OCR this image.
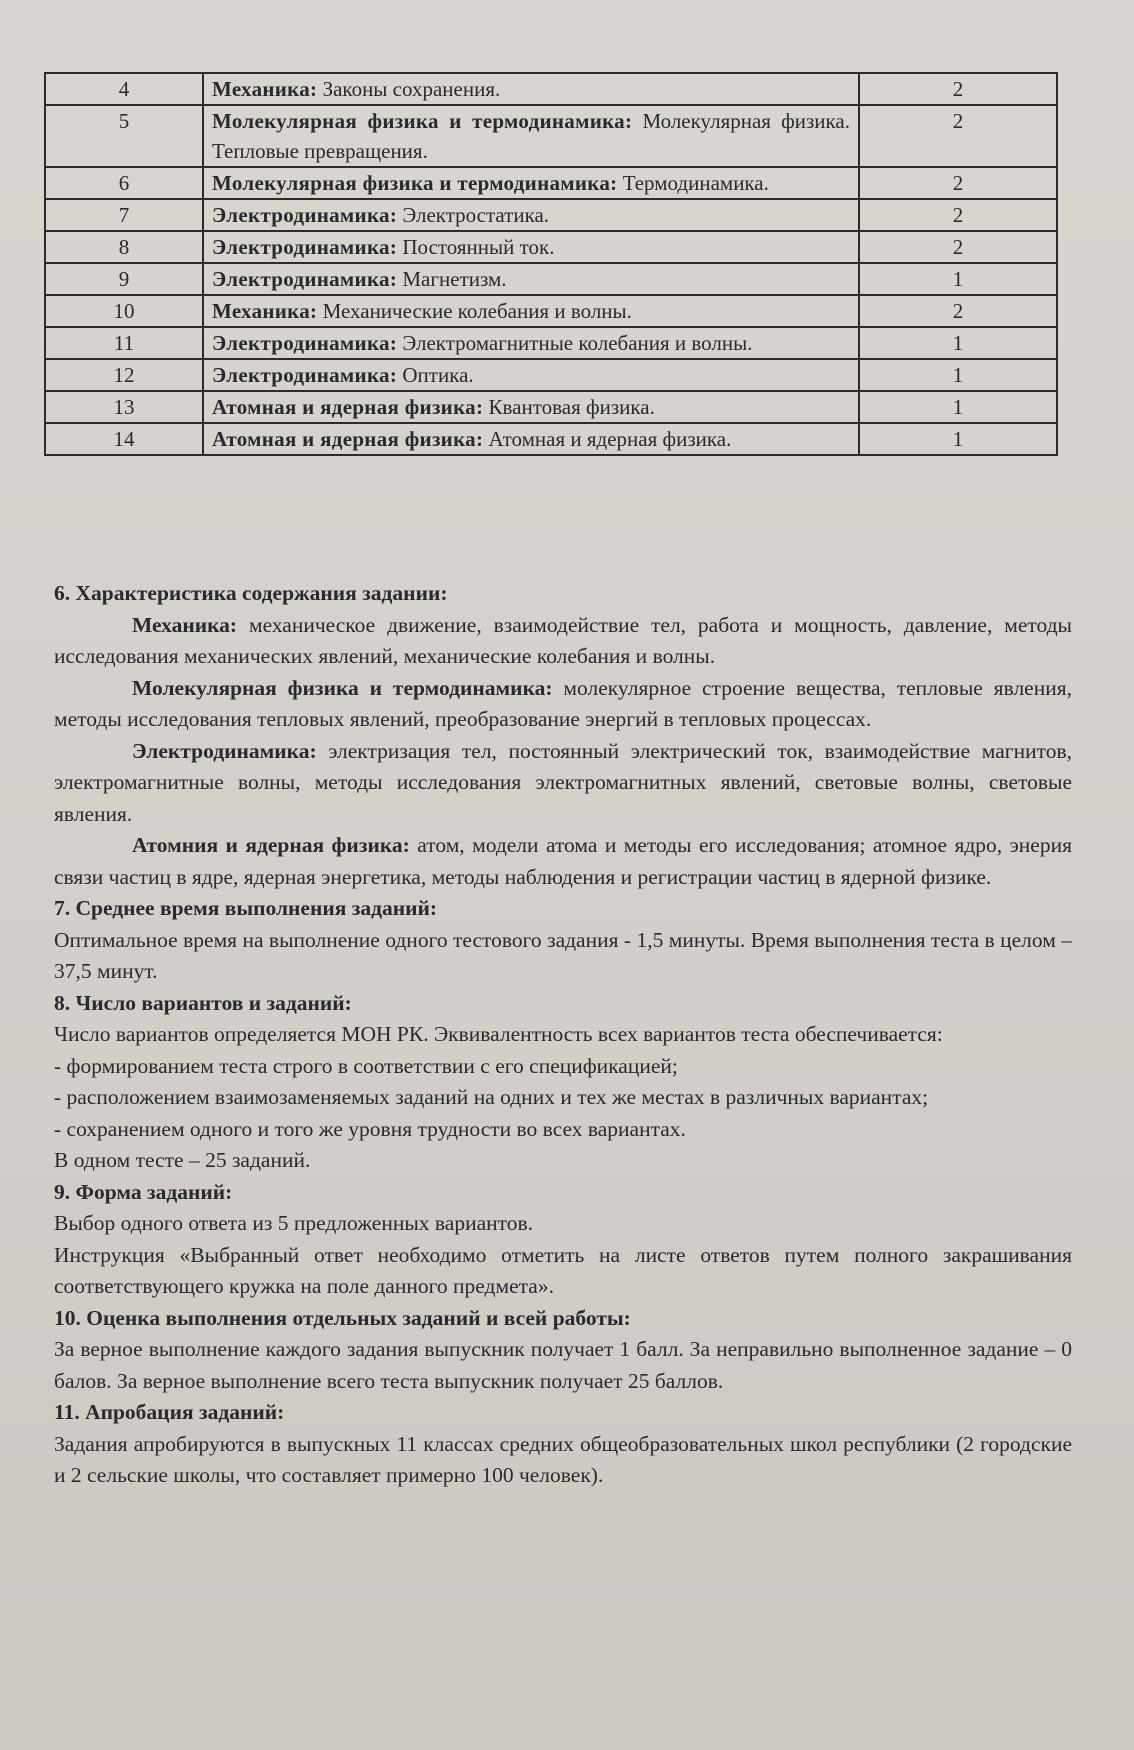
4	Механика: Законы сохранения.	2
5	Молекулярная физика и термодинамика: Молекулярная физика. Тепловые превращения.	2
6	Молекулярная физика и термодинамика: Термодинамика.	2
7	Электродинамика: Электростатика.	2
8	Электродинамика: Постоянный ток.	2
9	Электродинамика: Магнетизм.	1
10	Механика: Механические колебания и волны.	2
11	Электродинамика: Электромагнитные колебания и волны.	1
12	Электродинамика: Оптика.	1
13	Атомная и ядерная физика: Квантовая физика.	1
14	Атомная и ядерная физика: Атомная и ядерная физика.	1

6. Характеристика содержания задании:

Механика: механическое движение, взаимодействие тел, работа и мощность, давление, методы исследования механических явлений, механические колебания и волны.

Молекулярная физика и термодинамика: молекулярное строение вещества, тепловые явления, методы исследования тепловых явлений, преобразование энергий в тепловых процессах.

Электродинамика: электризация тел, постоянный электрический ток, взаимодействие магнитов, электромагнитные волны, методы исследования электромагнитных явлений, световые волны, световые явления.

Атомния и ядерная физика: атом, модели атома и методы его исследования; атомное ядро, энерия связи частиц в ядре, ядерная энергетика, методы наблюдения и регистрации частиц в ядерной физике.

7. Среднее время выполнения заданий:

Оптимальное время на выполнение одного тестового задания - 1,5 минуты. Время выполнения теста в целом – 37,5 минут.

8. Число вариантов и заданий:

Число вариантов определяется МОН РК. Эквивалентность всех вариантов теста обеспечивается:

- формированием теста строго в соответствии с его спецификацией;

- расположением взаимозаменяемых заданий на одних и тех же местах в различных вариантах;

- сохранением одного и того же уровня трудности во всех вариантах.

В одном тесте – 25 заданий.

9. Форма заданий:

Выбор одного ответа из 5 предложенных вариантов.

Инструкция «Выбранный ответ необходимо отметить на листе ответов путем полного закрашивания соответствующего кружка на поле данного предмета».

10. Оценка выполнения отдельных заданий и всей работы:

За верное выполнение каждого задания выпускник получает 1 балл. За неправильно выполненное задание – 0 балов. За верное выполнение всего теста выпускник получает 25 баллов.

11. Апробация заданий:

Задания апробируются в выпускных 11 классах средних общеобразовательных школ республики (2 городские и 2 сельские школы, что составляет примерно 100 человек).
